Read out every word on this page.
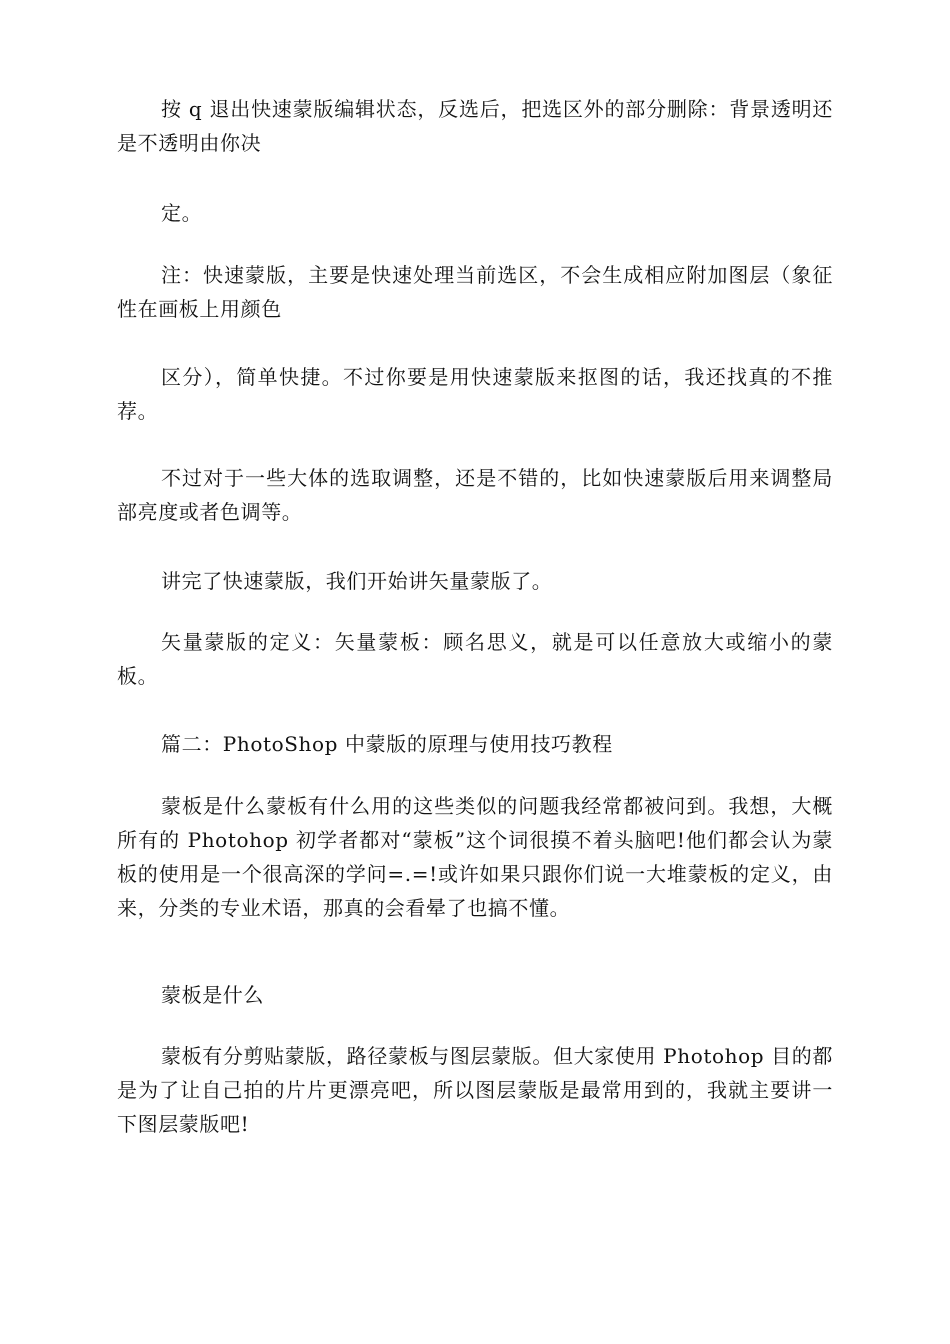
按 q 退出快速蒙版编辑状态，反选后，把选区外的部分删除：背景透明还是不透明由你决

定。

注：快速蒙版，主要是快速处理当前选区，不会生成相应附加图层（象征性在画板上用颜色

区分），简单快捷。不过你要是用快速蒙版来抠图的话，我还找真的不推荐。

不过对于一些大体的选取调整，还是不错的，比如快速蒙版后用来调整局部亮度或者色调等。

讲完了快速蒙版，我们开始讲矢量蒙版了。

矢量蒙版的定义：矢量蒙板：顾名思义，就是可以任意放大或缩小的蒙板。

篇二：PhotoShop 中蒙版的原理与使用技巧教程

蒙板是什么蒙板有什么用的这些类似的问题我经常都被问到。我想，大概所有的 Photohop 初学者都对“蒙板”这个词很摸不着头脑吧!他们都会认为蒙板的使用是一个很高深的学问=.=!或许如果只跟你们说一大堆蒙板的定义，由来，分类的专业术语，那真的会看晕了也搞不懂。

蒙板是什么

蒙板有分剪贴蒙版，路径蒙板与图层蒙版。但大家使用 Photohop 目的都是为了让自己拍的片片更漂亮吧，所以图层蒙版是最常用到的，我就主要讲一下图层蒙版吧!
